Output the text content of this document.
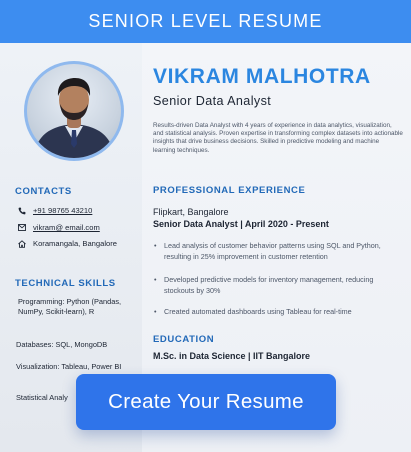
SENIOR LEVEL RESUME
CONTACTS
+91 98765 43210
vikram@ email.com
Koramangala, Bangalore
TECHNICAL SKILLS
Programming: Python (Pandas, NumPy, Scikit-learn), R
Databases: SQL, MongoDB
Visualization: Tableau, Power BI
Statistical Analy
VIKRAM MALHOTRA
Senior Data Analyst
Results-driven Data Analyst with 4 years of experience in data analytics, visualization, and statistical analysis. Proven expertise in transforming complex datasets into actionable insights that drive business decisions. Skilled in predictive modeling and machine learning techniques.
PROFESSIONAL EXPERIENCE
Flipkart, Bangalore
Senior Data Analyst | April 2020 - Present
•	Lead analysis of customer behavior patterns using SQL and Python, resulting in 25% improvement in customer retention
•	Developed predictive models for inventory management, reducing stockouts by 30%
•	Created automated dashboards using Tableau for real-time
EDUCATION
M.Sc. in Data Science | IIT Bangalore
Create Your Resume
